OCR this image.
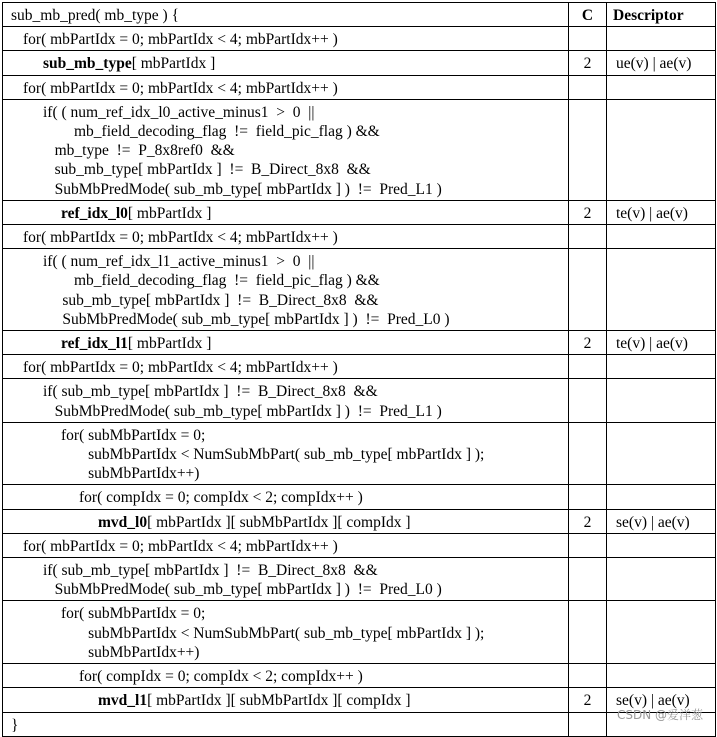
sub_mb_pred( mb_type ) {	C	Descriptor

for( mbPartIdx = 0; mbPartIdx < 4; mbPartIdx++ )		

sub_mb_type[ mbPartIdx ]	2	ue(v) | ae(v)

for( mbPartIdx = 0; mbPartIdx < 4; mbPartIdx++ )		

if( ( num_ref_idx_l0_active_minus1  >  0  ||
mb_field_decoding_flag  !=  field_pic_flag ) &&
mb_type  !=  P_8x8ref0  &&
sub_mb_type[ mbPartIdx ]  !=  B_Direct_8x8  &&
SubMbPredMode( sub_mb_type[ mbPartIdx ] )  !=  Pred_L1 )		

ref_idx_l0[ mbPartIdx ]	2	te(v) | ae(v)

for( mbPartIdx = 0; mbPartIdx < 4; mbPartIdx++ )		

if( ( num_ref_idx_l1_active_minus1  >  0  ||
mb_field_decoding_flag  !=  field_pic_flag ) &&
sub_mb_type[ mbPartIdx ]  !=  B_Direct_8x8  &&
SubMbPredMode( sub_mb_type[ mbPartIdx ] )  !=  Pred_L0 )		

ref_idx_l1[ mbPartIdx ]	2	te(v) | ae(v)

for( mbPartIdx = 0; mbPartIdx < 4; mbPartIdx++ )		

if( sub_mb_type[ mbPartIdx ]  !=  B_Direct_8x8  &&
SubMbPredMode( sub_mb_type[ mbPartIdx ] )  !=  Pred_L1 )		

for( subMbPartIdx = 0;
subMbPartIdx < NumSubMbPart( sub_mb_type[ mbPartIdx ] );
subMbPartIdx++)		

for( compIdx = 0; compIdx < 2; compIdx++ )		

mvd_l0[ mbPartIdx ][ subMbPartIdx ][ compIdx ]	2	se(v) | ae(v)

for( mbPartIdx = 0; mbPartIdx < 4; mbPartIdx++ )		

if( sub_mb_type[ mbPartIdx ]  !=  B_Direct_8x8  &&
SubMbPredMode( sub_mb_type[ mbPartIdx ] )  !=  Pred_L0 )		

for( subMbPartIdx = 0;
subMbPartIdx < NumSubMbPart( sub_mb_type[ mbPartIdx ] );
subMbPartIdx++)		

for( compIdx = 0; compIdx < 2; compIdx++ )		

mvd_l1[ mbPartIdx ][ subMbPartIdx ][ compIdx ]	2	se(v) | ae(v)

}		

CSDN @爱洋葱
